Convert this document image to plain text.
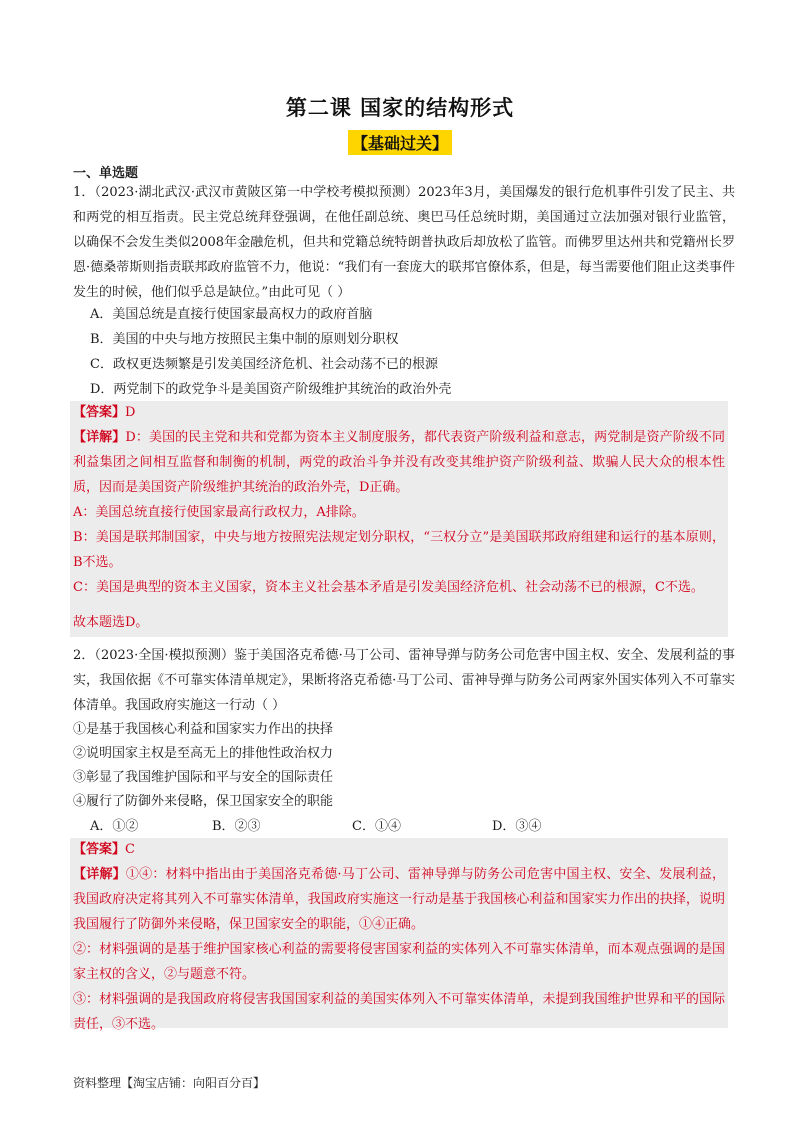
第二课 国家的结构形式
【基础过关】
一、单选题
1．（2023·湖北武汉·武汉市黄陂区第一中学校考模拟预测）2023年3月，美国爆发的银行危机事件引发了民主、共和两党的相互指责。民主党总统拜登强调，在他任副总统、奥巴马任总统时期，美国通过立法加强对银行业监管，以确保不会发生类似2008年金融危机，但共和党籍总统特朗普执政后却放松了监管。而佛罗里达州共和党籍州长罗恩·德桑蒂斯则指责联邦政府监管不力，他说：“我们有一套庞大的联邦官僚体系，但是，每当需要他们阻止这类事件发生的时候，他们似乎总是缺位。”由此可见（ ）
A．美国总统是直接行使国家最高权力的政府首脑
B．美国的中央与地方按照民主集中制的原则划分职权
C．政权更迭频繁是引发美国经济危机、社会动荡不已的根源
D．两党制下的政党争斗是美国资产阶级维护其统治的政治外壳
【答案】D
【详解】D：美国的民主党和共和党都为资本主义制度服务，都代表资产阶级利益和意志，两党制是资产阶级不同利益集团之间相互监督和制衡的机制，两党的政治斗争并没有改变其维护资产阶级利益、欺骗人民大众的根本性质，因而是美国资产阶级维护其统治的政治外壳，D正确。
A：美国总统直接行使国家最高行政权力，A排除。
B：美国是联邦制国家，中央与地方按照宪法规定划分职权，“三权分立”是美国联邦政府组建和运行的基本原则，B不选。
C：美国是典型的资本主义国家，资本主义社会基本矛盾是引发美国经济危机、社会动荡不已的根源，C不选。
故本题选D。
2．（2023·全国·模拟预测）鉴于美国洛克希德·马丁公司、雷神导弹与防务公司危害中国主权、安全、发展利益的事实，我国依据《不可靠实体清单规定》，果断将洛克希德·马丁公司、雷神导弹与防务公司两家外国实体列入不可靠实体清单。我国政府实施这一行动（ ）
①是基于我国核心利益和国家实力作出的抉择
②说明国家主权是至高无上的排他性政治权力
③彰显了我国维护国际和平与安全的国际责任
④履行了防御外来侵略，保卫国家安全的职能
A．①②	B．②③	C．①④	D．③④
【答案】C
【详解】①④：材料中指出由于美国洛克希德·马丁公司、雷神导弹与防务公司危害中国主权、安全、发展利益，我国政府决定将其列入不可靠实体清单，我国政府实施这一行动是基于我国核心利益和国家实力作出的抉择，说明我国履行了防御外来侵略，保卫国家安全的职能，①④正确。
②：材料强调的是基于维护国家核心利益的需要将侵害国家利益的实体列入不可靠实体清单，而本观点强调的是国家主权的含义，②与题意不符。
③：材料强调的是我国政府将侵害我国国家利益的美国实体列入不可靠实体清单，未提到我国维护世界和平的国际责任，③不选。
资料整理【淘宝店铺：向阳百分百】
